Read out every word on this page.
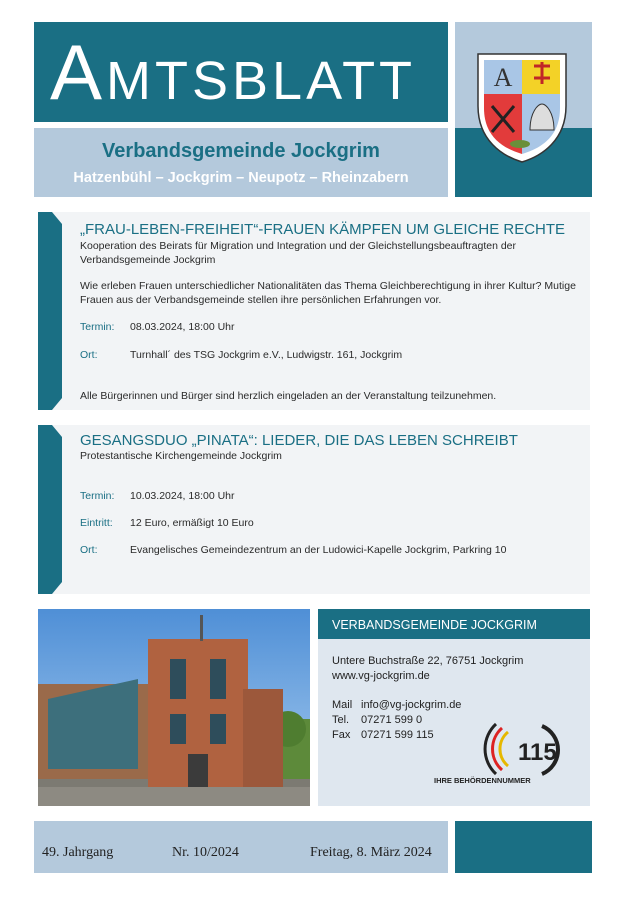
AMTSBLATT	A
Verbandsgemeinde Jockgrim
Hatzenbühl – Jockgrim – Neupotz – Rheinzabern
„FRAU-LEBEN-FREIHEIT“-FRAUEN KÄMPFEN UM GLEICHE RECHTE
Kooperation des Beirats für Migration und Integration und der Gleichstellungsbeauftragten der Verbandsgemeinde Jockgrim
Wie erleben Frauen unterschiedlicher Nationalitäten das Thema Gleichberechtigung in ihrer Kultur? Mutige Frauen aus der Verbandsgemeinde stellen ihre persönlichen Erfahrungen vor.
Termin: 08.03.2024, 18:00 Uhr
Ort:	Turnhall´ des TSG Jockgrim e.V., Ludwigstr. 161, Jockgrim
Alle Bürgerinnen und Bürger sind herzlich eingeladen an der Veranstaltung teilzunehmen.
GESANGSDUO „PINATA“: LIEDER, DIE DAS LEBEN SCHREIBT
Protestantische Kirchengemeinde Jockgrim
Termin: 10.03.2024, 18:00 Uhr
Eintritt: 12 Euro, ermäßigt 10 Euro
Ort:	Evangelisches Gemeindezentrum an der Ludowici-Kapelle Jockgrim, Parkring 10
VERBANDSGEMEINDE JOCKGRIM
Untere Buchstraße 22, 76751 Jockgrim
www.vg-jockgrim.de
Mail info@vg-jockgrim.de
Tel. 07271 599 0
Fax 07271 599 115
115
IHRE BEHÖRDENNUMMER
49. Jahrgang	Nr. 10/2024	Freitag, 8. März 2024
